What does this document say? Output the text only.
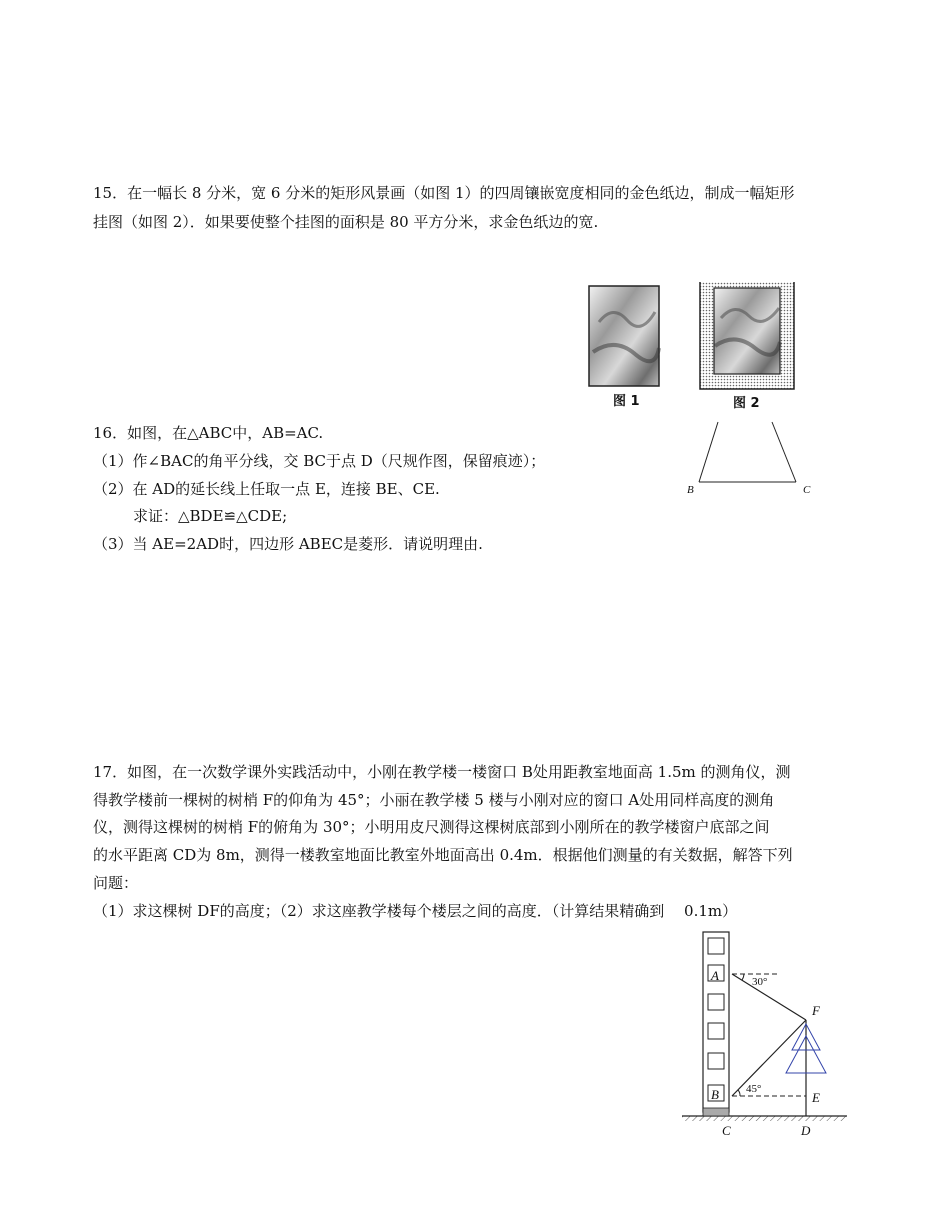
15．在一幅长 8 分米，宽 6 分米的矩形风景画（如图 1）的四周镶嵌宽度相同的金色纸边，制成一幅矩形
挂图（如图 2）．如果要使整个挂图的面积是 80 平方分米，求金色纸边的宽.
图 1	图 2
16．如图，在△ABC中，AB=AC.
（1）作∠BAC的角平分线，交 BC于点 D（尺规作图，保留痕迹）；
（2）在 AD的延长线上任取一点 E，连接 BE、CE.
求证：△BDE≌△CDE;
（3）当 AE=2AD时，四边形 ABEC是菱形．请说明理由.
B	C
17．如图，在一次数学课外实践活动中，小刚在教学楼一楼窗口 B处用距教室地面高 1.5m 的测角仪，测
得教学楼前一棵树的树梢 F的仰角为 45°；小丽在教学楼 5 楼与小刚对应的窗口 A处用同样高度的测角
仪，测得这棵树的树梢 F的俯角为 30°；小明用皮尺测得这棵树底部到小刚所在的教学楼窗户底部之间
的水平距离 CD为 8m，测得一楼教室地面比教室外地面高出 0.4m．根据他们测量的有关数据，解答下列
问题：
（1）求这棵树 DF的高度；（2）求这座教学楼每个楼层之间的高度．（计算结果精确到　 0.1m）
A
B
30°
45°
F
E
C	D
